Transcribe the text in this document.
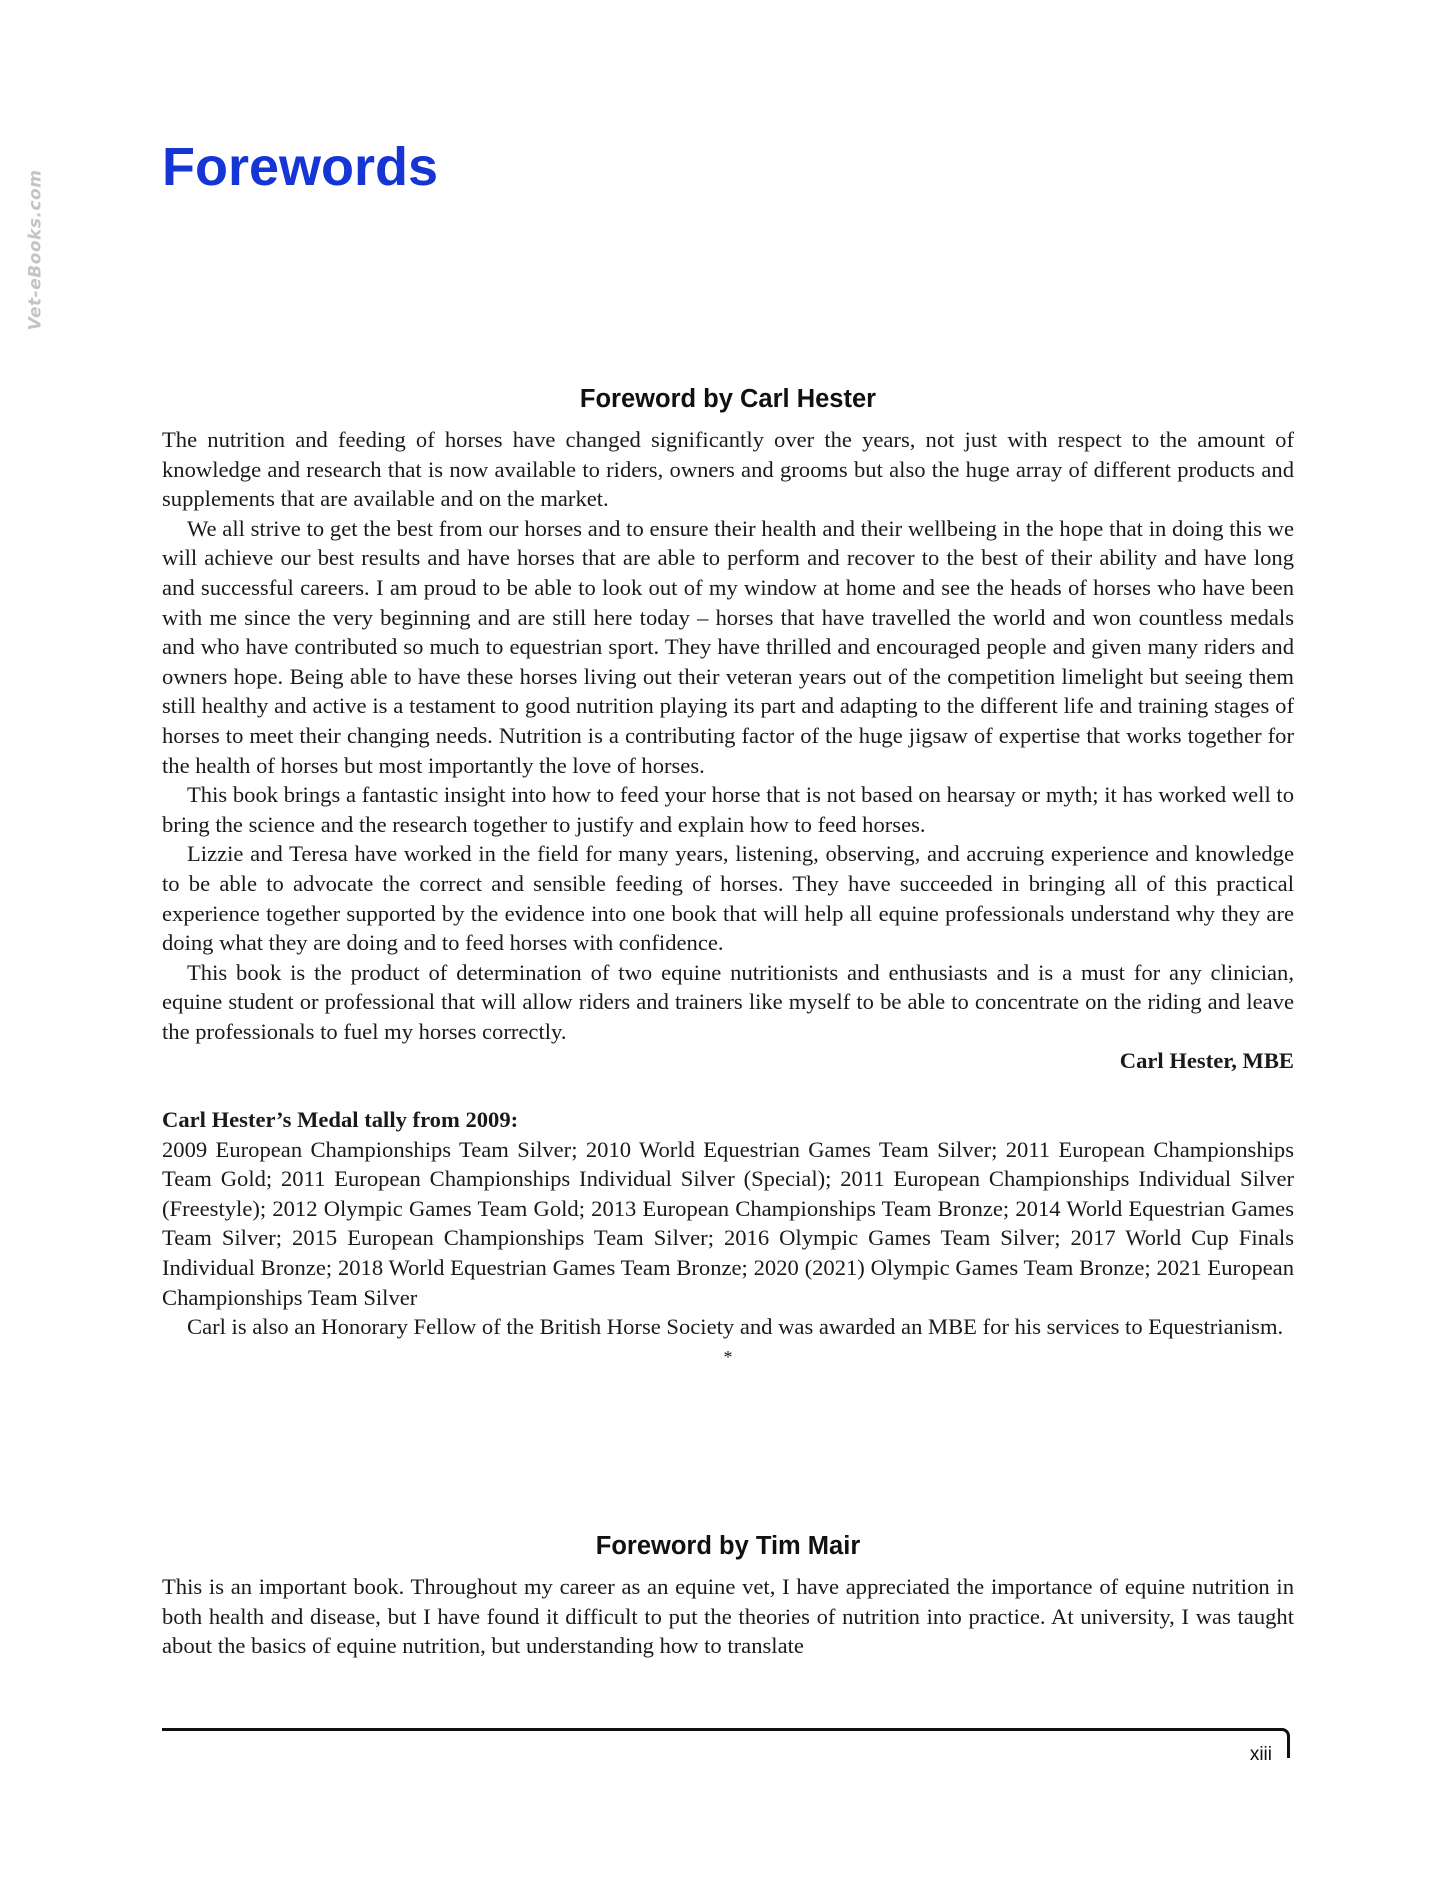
Vet-eBooks.com
Forewords
Foreword by Carl Hester

The nutrition and feeding of horses have changed significantly over the years, not just with respect to the amount of knowledge and research that is now available to riders, owners and grooms but also the huge array of different products and supplements that are available and on the market.

We all strive to get the best from our horses and to ensure their health and their wellbeing in the hope that in doing this we will achieve our best results and have horses that are able to perform and recover to the best of their ability and have long and successful careers. I am proud to be able to look out of my window at home and see the heads of horses who have been with me since the very beginning and are still here today – horses that have travelled the world and won countless medals and who have contributed so much to equestrian sport. They have thrilled and encouraged people and given many riders and owners hope. Being able to have these horses living out their veteran years out of the competition limelight but seeing them still healthy and active is a testament to good nutrition playing its part and adapting to the different life and training stages of horses to meet their changing needs. Nutrition is a contributing factor of the huge jigsaw of expertise that works together for the health of horses but most importantly the love of horses.

This book brings a fantastic insight into how to feed your horse that is not based on hearsay or myth; it has worked well to bring the science and the research together to justify and explain how to feed horses.

Lizzie and Teresa have worked in the field for many years, listening, observing, and accruing experience and knowledge to be able to advocate the correct and sensible feeding of horses. They have succeeded in bringing all of this practical experience together supported by the evidence into one book that will help all equine professionals understand why they are doing what they are doing and to feed horses with confidence.

This book is the product of determination of two equine nutritionists and enthusiasts and is a must for any clinician, equine student or professional that will allow riders and trainers like myself to be able to concentrate on the riding and leave the professionals to fuel my horses correctly.

Carl Hester, MBE

Carl Hester’s Medal tally from 2009:

2009 European Championships Team Silver; 2010 World Equestrian Games Team Silver; 2011 European Championships Team Gold; 2011 European Championships Individual Silver (Special); 2011 European Championships Individual Silver (Freestyle); 2012 Olympic Games Team Gold; 2013 European Championships Team Bronze; 2014 World Equestrian Games Team Silver; 2015 European Championships Team Silver; 2016 Olympic Games Team Silver; 2017 World Cup Finals Individual Bronze; 2018 World Equestrian Games Team Bronze; 2020 (2021) Olympic Games Team Bronze; 2021 European Championships Team Silver

Carl is also an Honorary Fellow of the British Horse Society and was awarded an MBE for his services to Equestrianism.

*

Foreword by Tim Mair

This is an important book. Throughout my career as an equine vet, I have appreciated the importance of equine nutrition in both health and disease, but I have found it difficult to put the theories of nutrition into practice. At university, I was taught about the basics of equine nutrition, but understanding how to translate

xiii
